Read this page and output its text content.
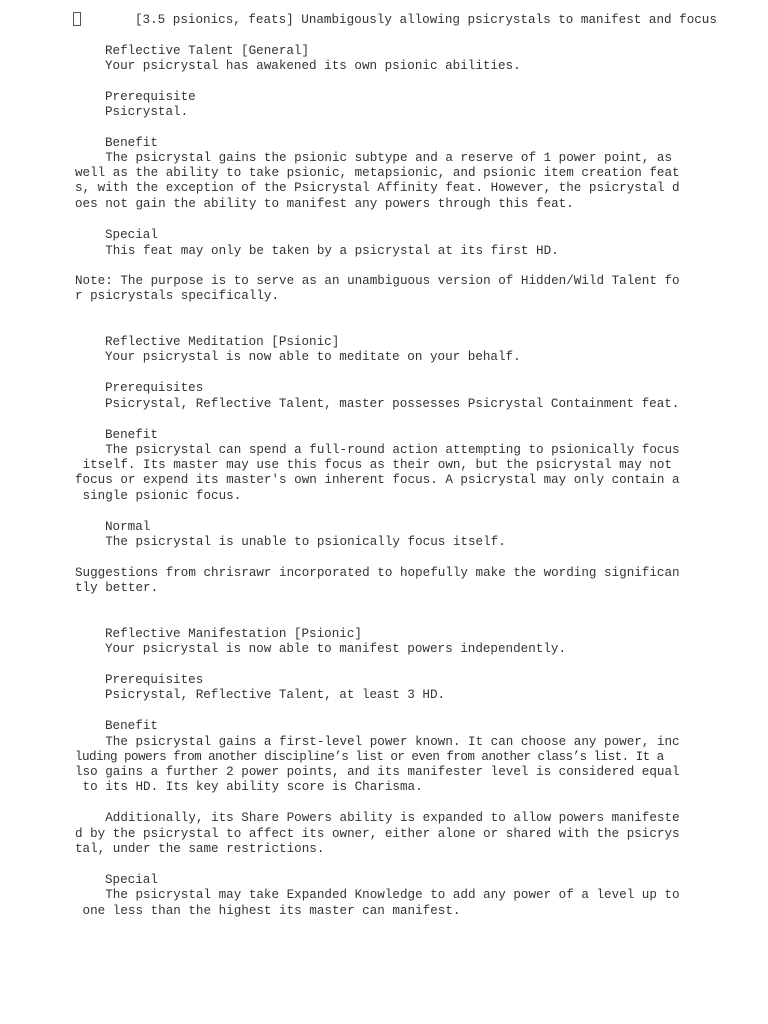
[3.5 psionics, feats] Unambigously allowing psicrystals to manifest and focus
Reflective Talent [General]
Your psicrystal has awakened its own psionic abilities.
Prerequisite
Psicrystal.
Benefit
The psicrystal gains the psionic subtype and a reserve of 1 power point, as
well as the ability to take psionic, metapsionic, and psionic item creation feat
s, with the exception of the Psicrystal Affinity feat. However, the psicrystal d
oes not gain the ability to manifest any powers through this feat.
Special
This feat may only be taken by a psicrystal at its first HD.
Note: The purpose is to serve as an unambiguous version of Hidden/Wild Talent fo
r psicrystals specifically.
Reflective Meditation [Psionic]
Your psicrystal is now able to meditate on your behalf.
Prerequisites
Psicrystal, Reflective Talent, master possesses Psicrystal Containment feat.
Benefit
The psicrystal can spend a full-round action attempting to psionically focus
itself. Its master may use this focus as their own, but the psicrystal may not
focus or expend its master's own inherent focus. A psicrystal may only contain a
single psionic focus.
Normal
The psicrystal is unable to psionically focus itself.
Suggestions from chrisrawr incorporated to hopefully make the wording significan
tly better.
Reflective Manifestation [Psionic]
Your psicrystal is now able to manifest powers independently.
Prerequisites
Psicrystal, Reflective Talent, at least 3 HD.
Benefit
The psicrystal gains a first-level power known. It can choose any power, inc
luding powers from another discipline’s list or even from another class’s list. It a
lso gains a further 2 power points, and its manifester level is considered equal
to its HD. Its key ability score is Charisma.
Additionally, its Share Powers ability is expanded to allow powers manifeste
d by the psicrystal to affect its owner, either alone or shared with the psicrys
tal, under the same restrictions.
Special
The psicrystal may take Expanded Knowledge to add any power of a level up to
one less than the highest its master can manifest.
